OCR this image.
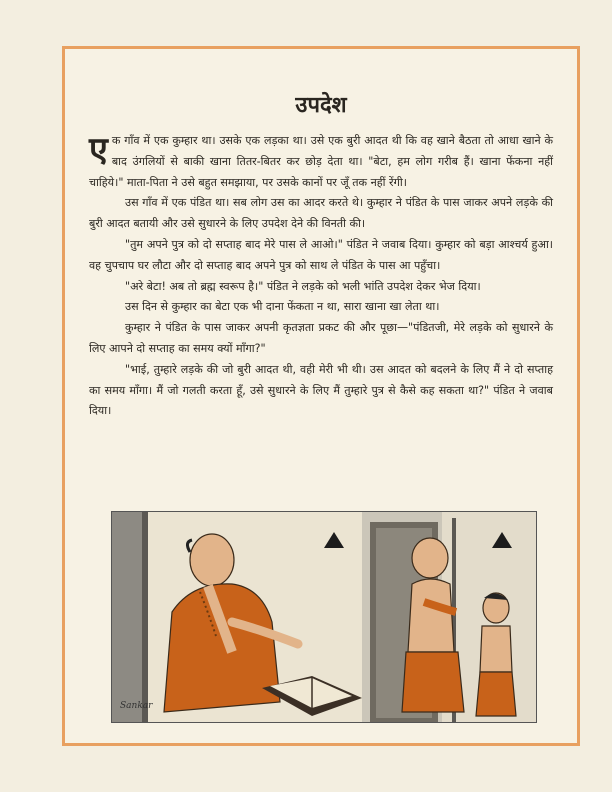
उपदेश

एक गाँव में एक कुम्हार था। उसके एक लड़का था। उसे एक बुरी आदत थी कि वह खाने बैठता तो आधा खाने के बाद उंगलियों से बाकी खाना तितर-बितर कर छोड़ देता था। "बेटा, हम लोग गरीब हैं। खाना फेंकना नहीं चाहिये।" माता-पिता ने उसे बहुत समझाया, पर उसके कानों पर जूँ तक नहीं रेंगी।

उस गाँव में एक पंडित था। सब लोग उस का आदर करते थे। कुम्हार ने पंडित के पास जाकर अपने लड़के की बुरी आदत बतायी और उसे सुधारने के लिए उपदेश देने की विनती की।

"तुम अपने पुत्र को दो सप्ताह बाद मेरे पास ले आओ।" पंडित ने जवाब दिया। कुम्हार को बड़ा आश्चर्य हुआ। वह चुपचाप घर लौटा और दो सप्ताह बाद अपने पुत्र को साथ ले पंडित के पास आ पहुँचा।

"अरे बेटा! अब तो ब्रह्म स्वरूप है।" पंडित ने लड़के को भली भांति उपदेश देकर भेज दिया।

उस दिन से कुम्हार का बेटा एक भी दाना फेंकता न था, सारा खाना खा लेता था।

कुम्हार ने पंडित के पास जाकर अपनी कृतज्ञता प्रकट की और पूछा—"पंडितजी, मेरे लड़के को सुधारने के लिए आपने दो सप्ताह का समय क्यों माँगा?"

"भाई, तुम्हारे लड़के की जो बुरी आदत थी, वही मेरी भी थी। उस आदत को बदलने के लिए मैं ने दो सप्ताह का समय माँगा। मैं जो गलती करता हूँ, उसे सुधारने के लिए मैं तुम्हारे पुत्र से कैसे कह सकता था?" पंडित ने जवाब दिया।

Sankar
